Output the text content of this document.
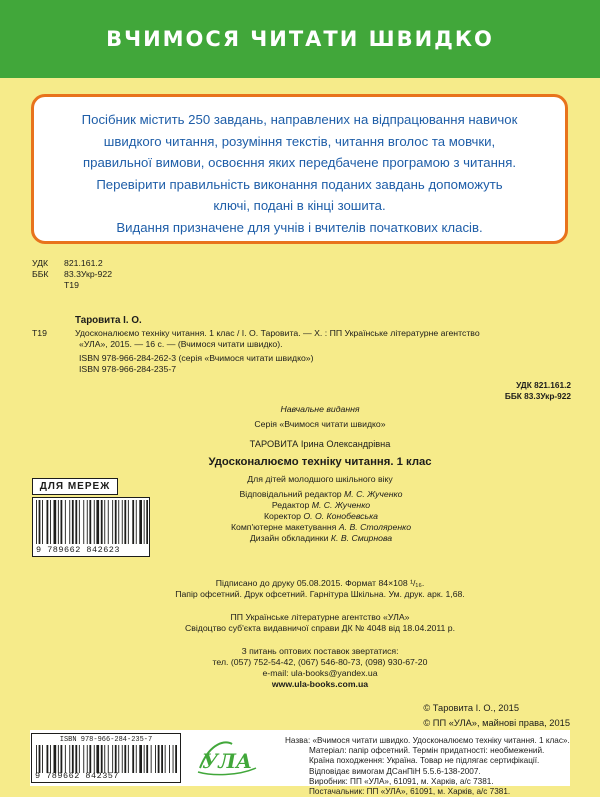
ВЧИМОСЯ ЧИТАТИ ШВИДКО
Посібник містить 250 завдань, направлених на відпрацювання навичок
швидкого читання, розуміння текстів, читання вголос та мовчки,
правильної вимови, освоєння яких передбачене програмою з читання.
Перевірити правильність виконання поданих завдань допоможуть
ключі, подані в кінці зошита.
Видання призначене для учнів і вчителів початкових класів.
УДК	821.161.2
ББК	83.3Укр-922
Т19
Таровита І. О.
Т19	Удосконалюємо техніку читання. 1 клас / І. О. Таровита. — Х. : ПП Українське літературне агентство
«УЛА», 2015. — 16 с. — (Вчимося читати швидко).
ISBN 978-966-284-262-3 (серія «Вчимося читати швидко»)
ISBN 978-966-284-235-7
УДК 821.161.2
ББК 83.3Укр-922
Навчальне видання
Серія «Вчимося читати швидко»
ТАРОВИТА Ірина Олександрівна
Удосконалюємо техніку читання. 1 клас
Для дітей молодшого шкільного віку
Відповідальний редактор М. С. Жученко
Редактор М. С. Жученко
Коректор О. О. Конобевська
Комп'ютерне макетування А. В. Столяренко
Дизайн обкладинки К. В. Смирнова
Підписано до друку 05.08.2015. Формат 84×108 ¹/₁₆.
Папір офсетний. Друк офсетний. Гарнітура Шкільна. Ум. друк. арк. 1,68.
ПП Українське літературне агентство «УЛА»
Свідоцтво суб'єкта видавничої справи ДК № 4048 від 18.04.2011 р.
З питань оптових поставок звертатися:
тел. (057) 752-54-42, (067) 546-80-73, (098) 930-67-20
e-mail: ula-books@yandex.ua
www.ula-books.com.ua
© Таровита І. О., 2015
© ПП «УЛА», майнові права, 2015
ДЛЯ МЕРЕЖ
9 789662 842623
ISBN 978-966-284-235-7
9 789662 842357
УЛА
Назва: «Вчимося читати швидко. Удосконалюємо техніку читання. 1 клас».
Матеріал: папір офсетний. Термін придатності: необмежений.
Країна походження: Україна. Товар не підлягає сертифікації.
Відповідає вимогам ДСанПіН 5.5.6-138-2007.
Виробник: ПП «УЛА», 61091, м. Харків, а/с 7381.
Постачальник: ПП «УЛА», 61091, м. Харків, а/с 7381.
